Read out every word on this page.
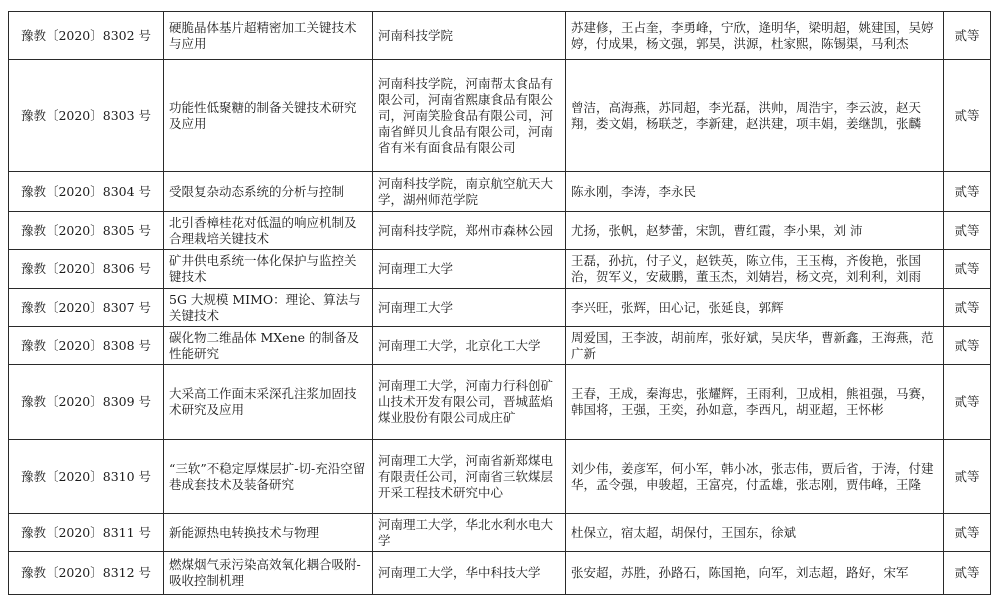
豫教〔2020〕8302 号	硬脆晶体基片超精密加工关键技术与应用	河南科技学院	苏建修，王占奎，李勇峰，宁欣，逄明华，梁明超，姚建国，吴婷婷，付成果，杨文强，郭昊，洪源，杜家熙，陈锡渠，马利杰	贰等
豫教〔2020〕8303 号	功能性低聚糖的制备关键技术研究及应用	河南科技学院，河南帮太食品有限公司，河南省熙康食品有限公司，河南笑脸食品有限公司，河南省鲜贝儿食品有限公司，河南省有米有面食品有限公司	曾洁，高海燕，苏同超，李光磊，洪帅，周浩宇，李云波，赵天翔，娄文娟，杨联芝，李新建，赵洪建，项丰娟，姜继凯，张麟	贰等
豫教〔2020〕8304 号	受限复杂动态系统的分析与控制	河南科技学院，南京航空航天大学，湖州师范学院	陈永刚，李涛，李永民	贰等
豫教〔2020〕8305 号	北引香樟桂花对低温的响应机制及合理栽培关键技术	河南科技学院，郑州市森林公园	尤扬，张帆，赵梦蕾，宋凯，曹红霞，李小果，刘 沛	贰等
豫教〔2020〕8306 号	矿井供电系统一体化保护与监控关键技术	河南理工大学	王磊，孙抗，付子义，赵铁英，陈立伟，王玉梅，齐俊艳，张国治，贺军义，安葳鹏，董玉杰，刘婧岩，杨文亮，刘利利，刘雨	贰等
豫教〔2020〕8307 号	5G 大规模 MIMO：理论、算法与关键技术	河南理工大学	李兴旺，张辉，田心记，张延良，郭辉	贰等
豫教〔2020〕8308 号	碳化物二维晶体 MXene 的制备及性能研究	河南理工大学，北京化工大学	周爱国，王李波，胡前库，张好斌，吴庆华，曹新鑫，王海燕，范广新	贰等
豫教〔2020〕8309 号	大采高工作面末采深孔注浆加固技术研究及应用	河南理工大学，河南力行科创矿山技术开发有限公司，晋城蓝焰煤业股份有限公司成庄矿	王春，王成，秦海忠，张耀辉，王雨利，卫成相，熊祖强，马赛，韩国将，王强，王奕，孙如意，李西凡，胡亚超，王怀彬	贰等
豫教〔2020〕8310 号	“三软”不稳定厚煤层扩-切-充沿空留巷成套技术及装备研究	河南理工大学，河南省新郑煤电有限责任公司，河南省三软煤层开采工程技术研究中心	刘少伟，姜彦军，何小军，韩小冰，张志伟，贾后省，于涛，付建华，孟令强，申骏超，王富亮，付孟雄，张志刚，贾伟峰，王隆	贰等
豫教〔2020〕8311 号	新能源热电转换技术与物理	河南理工大学，华北水利水电大学	杜保立，宿太超，胡保付，王国东，徐斌	贰等
豫教〔2020〕8312 号	燃煤烟气汞污染高效氧化耦合吸附-吸收控制机理	河南理工大学，华中科技大学	张安超，苏胜，孙路石，陈国艳，向军，刘志超，路好，宋军	贰等
